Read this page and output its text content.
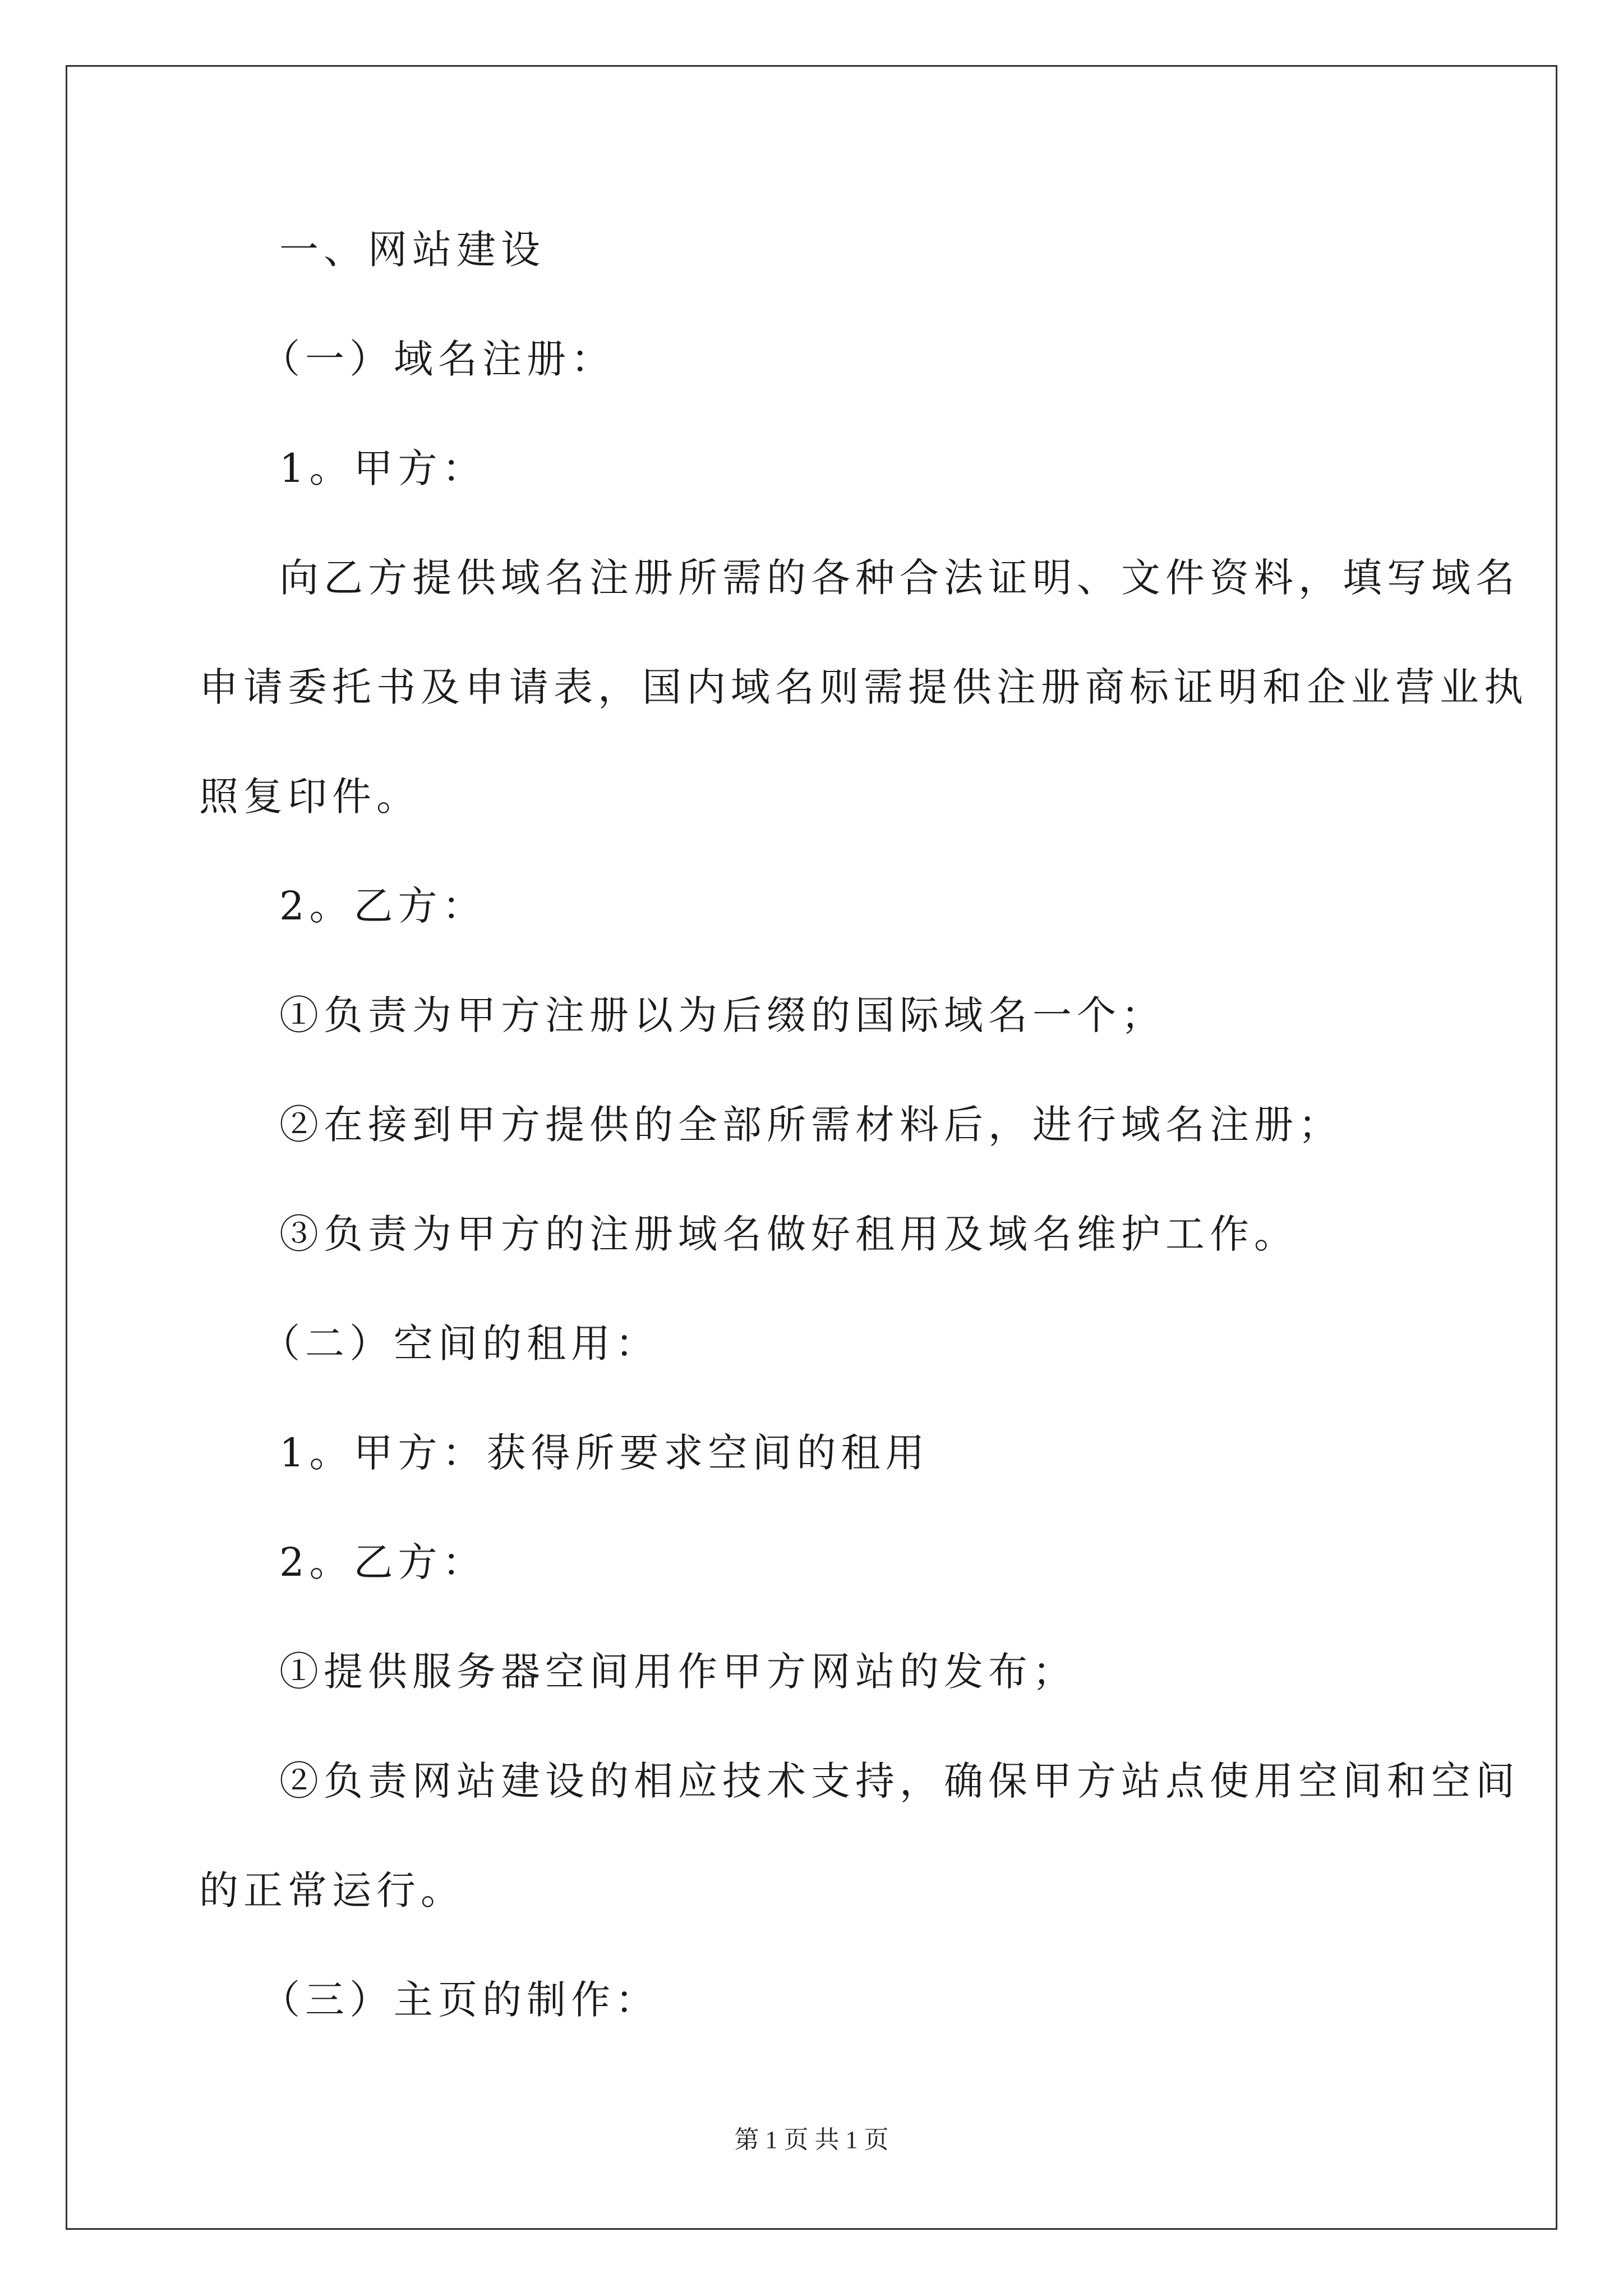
一、网站建设
（一）域名注册：
1。甲方：
向乙方提供域名注册所需的各种合法证明、文件资料，填写域名
申请委托书及申请表，国内域名则需提供注册商标证明和企业营业执
照复印件。
2。乙方：
①负责为甲方注册以为后缀的国际域名一个；
②在接到甲方提供的全部所需材料后，进行域名注册；
③负责为甲方的注册域名做好租用及域名维护工作。
（二）空间的租用：
1。甲方：获得所要求空间的租用
2。乙方：
①提供服务器空间用作甲方网站的发布；
②负责网站建设的相应技术支持，确保甲方站点使用空间和空间
的正常运行。
（三）主页的制作：
第 1 页 共 1 页
